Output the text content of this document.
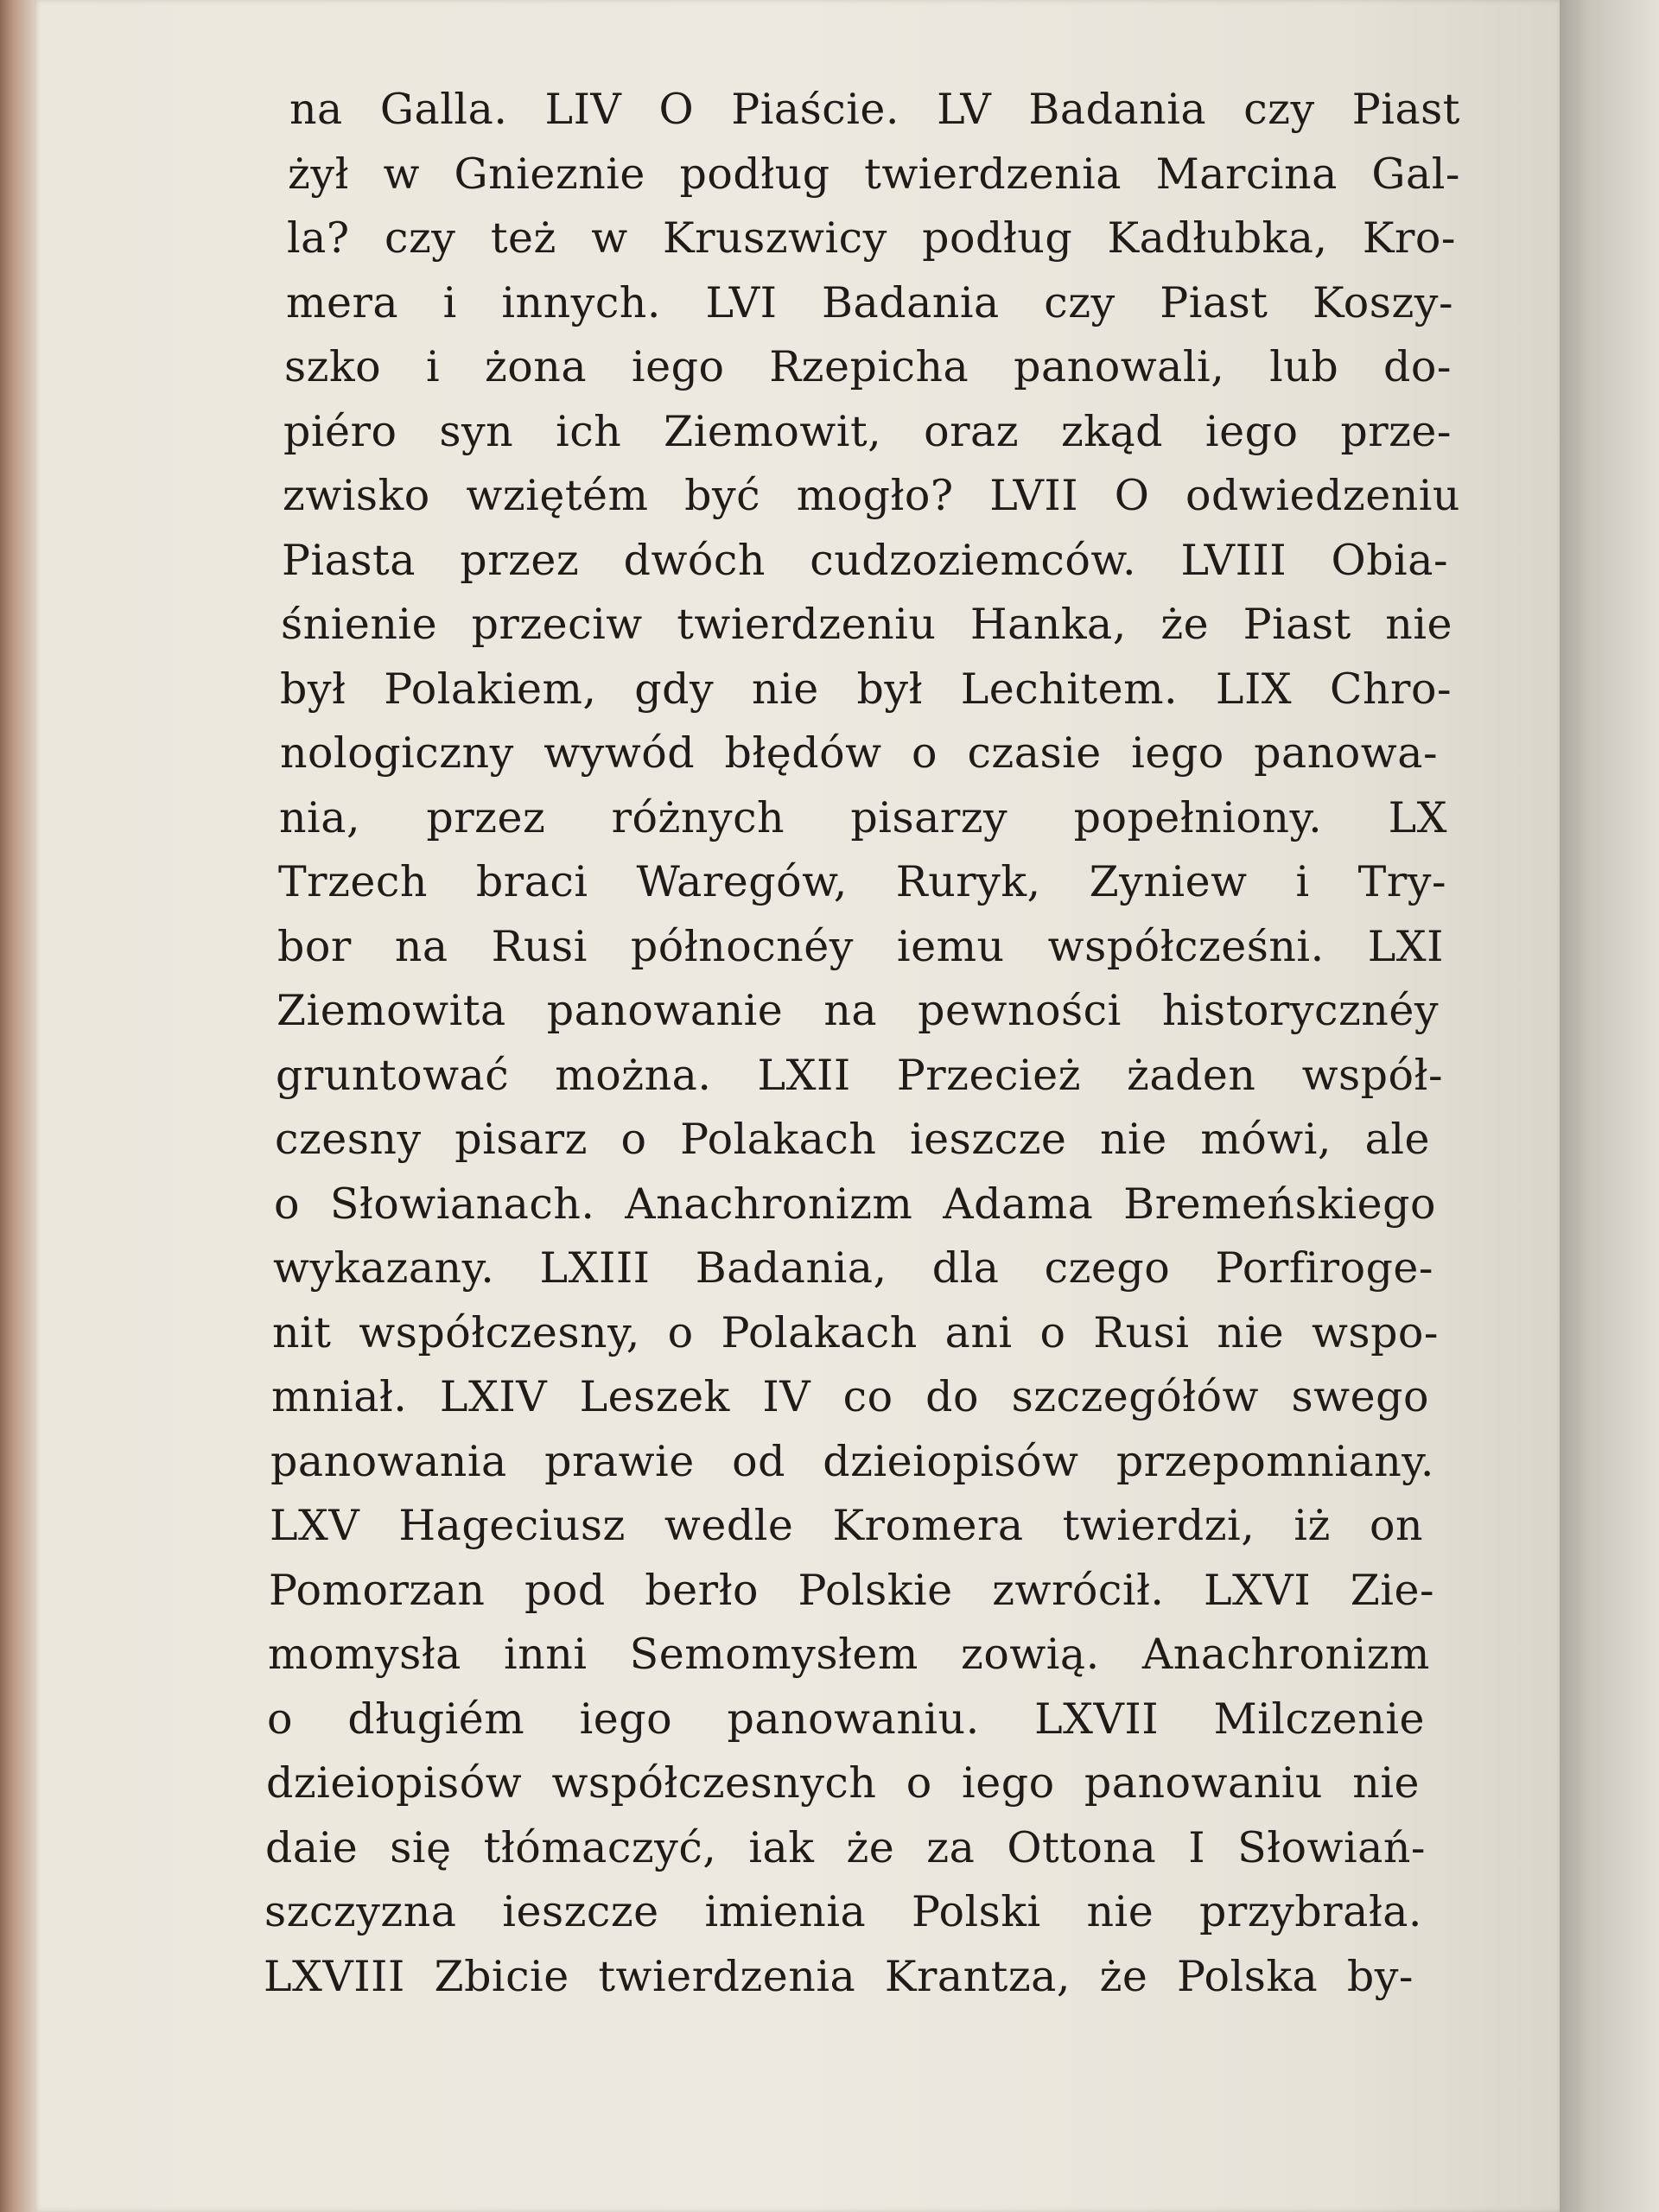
na Galla. LIV O Piaście. LV Badania czy Piast
żył w Gnieznie podług twierdzenia Marcina Gal-
la? czy też w Kruszwicy podług Kadłubka, Kro-
mera i innych. LVI Badania czy Piast Koszy-
szko i żona iego Rzepicha panowali, lub do-
piéro syn ich Ziemowit, oraz zkąd iego prze-
zwisko wziętém być mogło? LVII O odwiedzeniu
Piasta przez dwóch cudzoziemców. LVIII Obia-
śnienie przeciw twierdzeniu Hanka, że Piast nie
był Polakiem, gdy nie był Lechitem. LIX Chro-
nologiczny wywód błędów o czasie iego panowa-
nia, przez różnych pisarzy popełniony. LX
Trzech braci Waregów, Ruryk, Zyniew i Try-
bor na Rusi północnéy iemu współcześni. LXI
Ziemowita panowanie na pewności historycznéy
gruntować można. LXII Przecież żaden współ-
czesny pisarz o Polakach ieszcze nie mówi, ale
o Słowianach. Anachronizm Adama Bremeńskiego
wykazany. LXIII Badania, dla czego Porfiroge-
nit współczesny, o Polakach ani o Rusi nie wspo-
mniał. LXIV Leszek IV co do szczegółów swego
panowania prawie od dzieiopisów przepomniany.
LXV Hageciusz wedle Kromera twierdzi, iż on
Pomorzan pod berło Polskie zwrócił. LXVI Zie-
momysła inni Semomysłem zowią. Anachronizm
o długiém iego panowaniu. LXVII Milczenie
dzieiopisów współczesnych o iego panowaniu nie
daie się tłómaczyć, iak że za Ottona I Słowiań-
szczyzna ieszcze imienia Polski nie przybrała.
LXVIII Zbicie twierdzenia Krantza, że Polska by-
